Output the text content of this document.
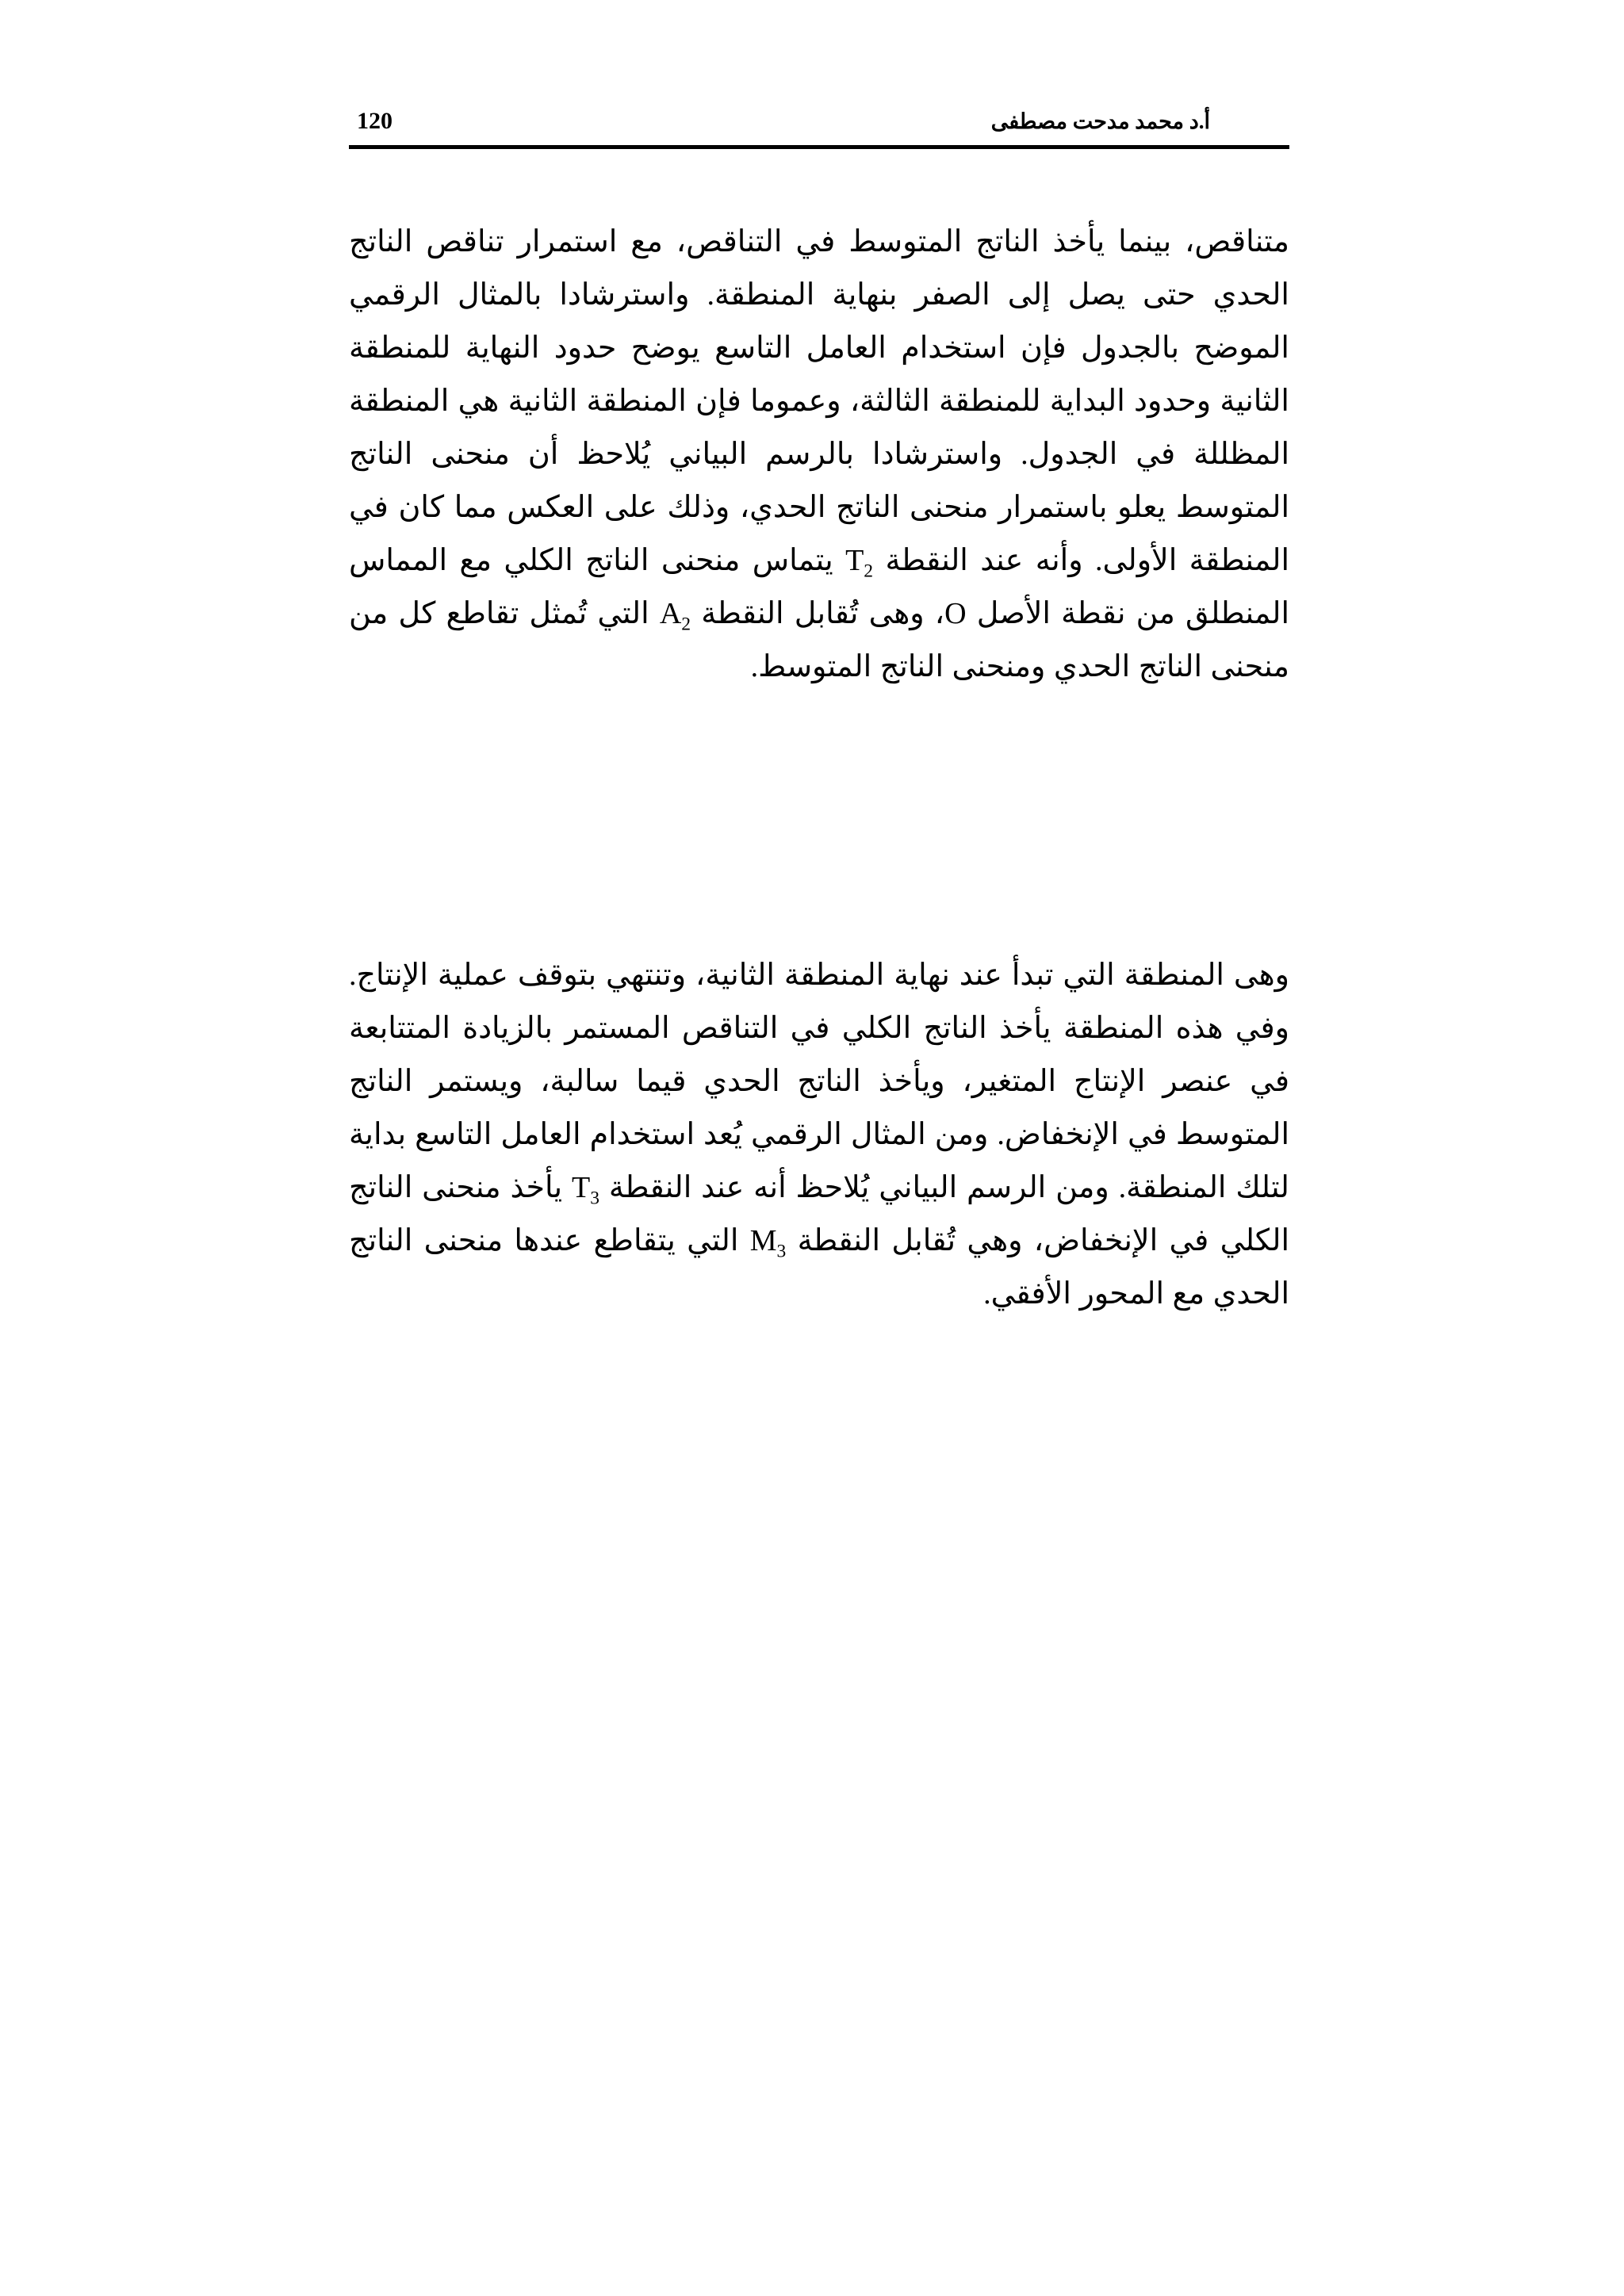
120	أ.د محمد مدحت مصطفى

متناقص، بينما يأخذ الناتج المتوسط في التناقص، مع استمرار تناقص الناتج الحدي حتى يصل إلى الصفر بنهاية المنطقة. واسترشادا بالمثال الرقمي الموضح بالجدول فإن استخدام العامل التاسع يوضح حدود النهاية للمنطقة الثانية وحدود البداية للمنطقة الثالثة، وعموما فإن المنطقة الثانية هي المنطقة المظللة في الجدول. واسترشادا بالرسم البياني يُلاحظ أن منحنى الناتج المتوسط يعلو باستمرار منحنى الناتج الحدي، وذلك على العكس مما كان في المنطقة الأولى. وأنه عند النقطة $T_2$ يتماس منحنى الناتج الكلي مع المماس المنطلق من نقطة الأصل O، وهى تُقابل النقطة $A_2$ التي تُمثل تقاطع كل من منحنى الناتج الحدي ومنحنى الناتج المتوسط.

وهى المنطقة التي تبدأ عند نهاية المنطقة الثانية، وتنتهي بتوقف عملية الإنتاج. وفي هذه المنطقة يأخذ الناتج الكلي في التناقص المستمر بالزيادة المتتابعة في عنصر الإنتاج المتغير، ويأخذ الناتج الحدي قيما سالبة، ويستمر الناتج المتوسط في الإنخفاض. ومن المثال الرقمي يُعد استخدام العامل التاسع بداية لتلك المنطقة. ومن الرسم البياني يُلاحظ أنه عند النقطة $T_3$ يأخذ منحنى الناتج الكلي في الإنخفاض، وهي تُقابل النقطة $M_3$ التي يتقاطع عندها منحنى الناتج الحدي مع المحور الأفقي.
